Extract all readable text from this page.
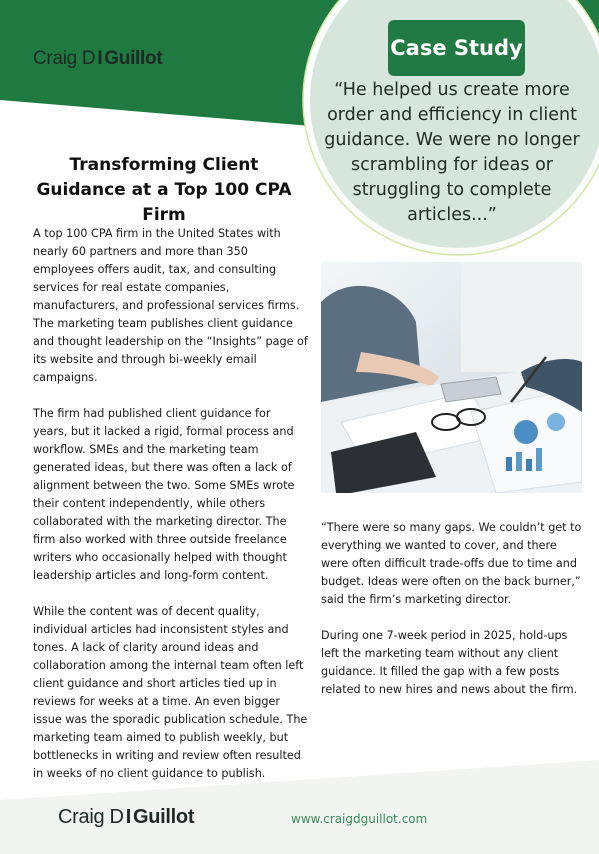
Craig D I Guillot	Case Study
“He helped us create more order and efficiency in client guidance. We were no longer scrambling for ideas or struggling to complete articles...”
Transforming Client Guidance at a Top 100 CPA Firm

A top 100 CPA firm in the United States with nearly 60 partners and more than 350 employees offers audit, tax, and consulting services for real estate companies, manufacturers, and professional services firms. The marketing team publishes client guidance and thought leadership on the “Insights” page of its website and through bi-weekly email campaigns.

The firm had published client guidance for years, but it lacked a rigid, formal process and workflow. SMEs and the marketing team generated ideas, but there was often a lack of alignment between the two. Some SMEs wrote their content independently, while others collaborated with the marketing director. The firm also worked with three outside freelance writers who occasionally helped with thought leadership articles and long-form content.

While the content was of decent quality, individual articles had inconsistent styles and tones. A lack of clarity around ideas and collaboration among the internal team often left client guidance and short articles tied up in reviews for weeks at a time. An even bigger issue was the sporadic publication schedule. The marketing team aimed to publish weekly, but bottlenecks in writing and review often resulted in weeks of no client guidance to publish.

“There were so many gaps. We couldn’t get to everything we wanted to cover, and there were often difficult trade-offs due to time and budget. Ideas were often on the back burner,” said the firm’s marketing director.

During one 7-week period in 2025, hold-ups left the marketing team without any client guidance. It filled the gap with a few posts related to new hires and news about the firm.

Craig D I Guillot	www.craigdguillot.com
